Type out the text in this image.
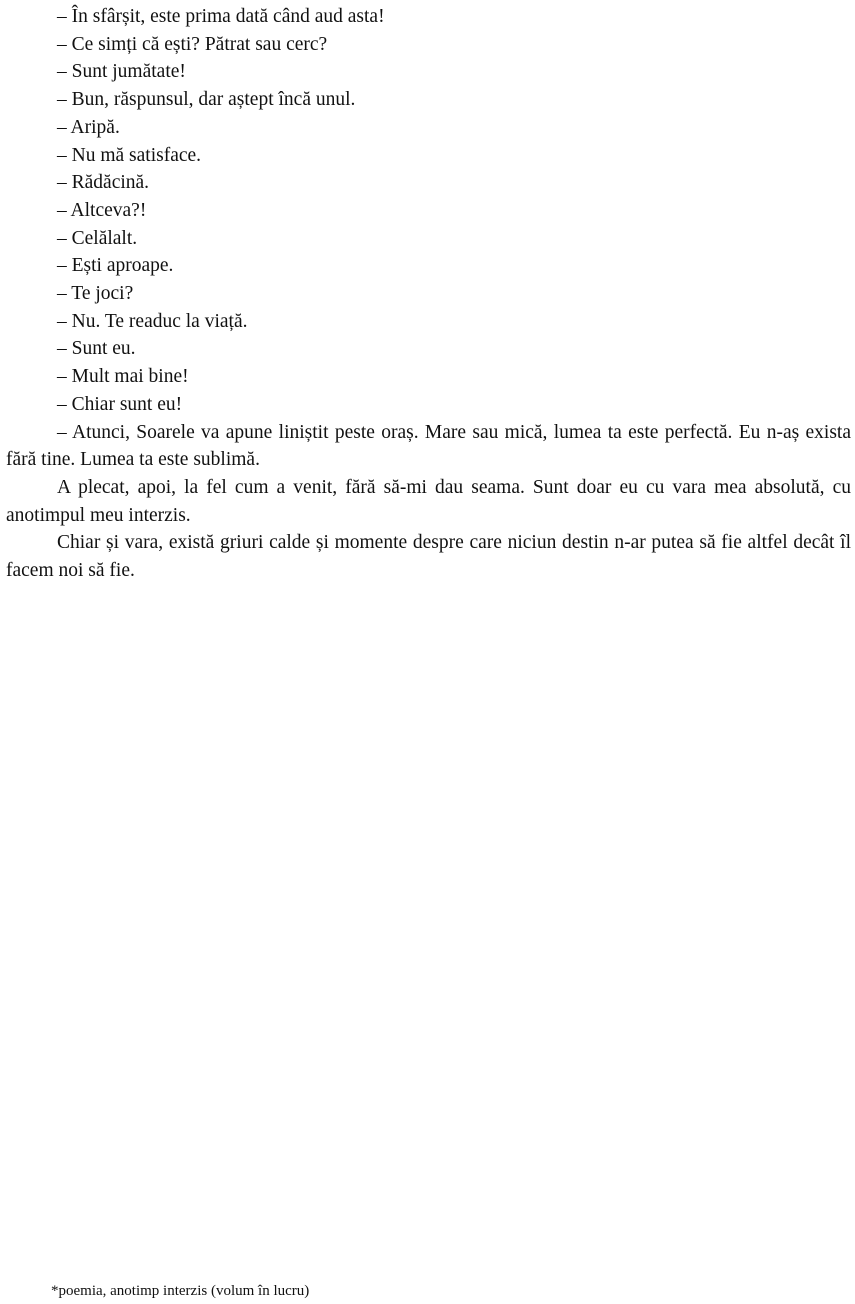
– În sfârșit, este prima dată când aud asta!

– Ce simți că ești? Pătrat sau cerc?

– Sunt jumătate!

– Bun, răspunsul, dar aștept încă unul.

– Aripă.

– Nu mă satisface.

– Rădăcină.

– Altceva?!

– Celălalt.

– Ești aproape.

– Te joci?

– Nu. Te readuc la viață.

– Sunt eu.

– Mult mai bine!

– Chiar sunt eu!

– Atunci, Soarele va apune liniștit peste oraș. Mare sau mică, lumea ta este perfectă. Eu n-aș exista fără tine. Lumea ta este sublimă.

A plecat, apoi, la fel cum a venit, fără să-mi dau seama. Sunt doar eu cu vara mea absolută, cu anotimpul meu interzis.

Chiar și vara, există griuri calde și momente despre care niciun destin n-ar putea să fie altfel decât îl facem noi să fie.

*poemia, anotimp interzis (volum în lucru)
